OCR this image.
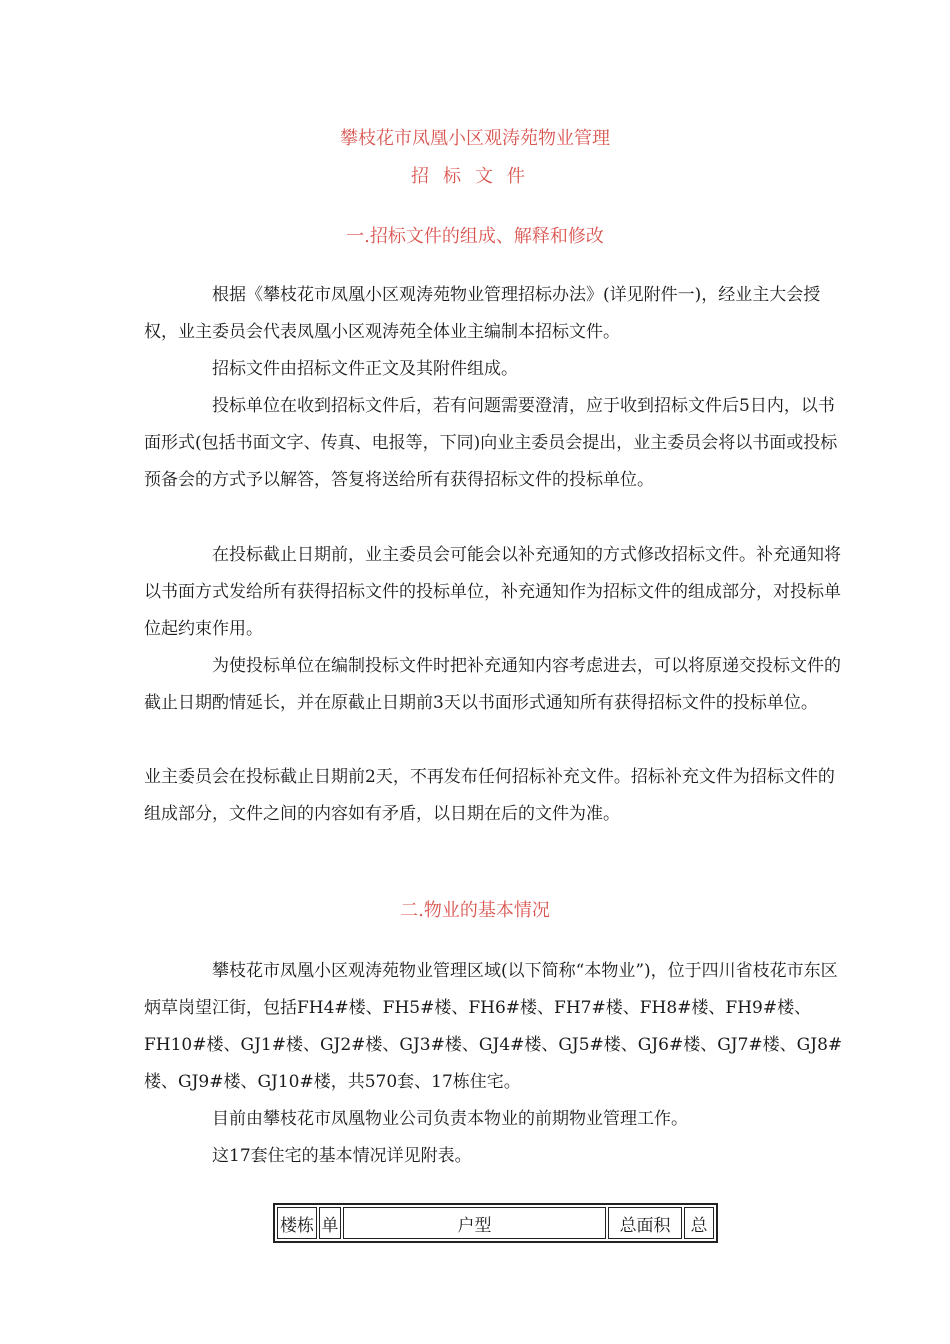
攀枝花市凤凰小区观涛苑物业管理
招标文件
一.招标文件的组成、解释和修改
根据《攀枝花市凤凰小区观涛苑物业管理招标办法》(详见附件一)，经业主大会授权，业主委员会代表凤凰小区观涛苑全体业主编制本招标文件。
招标文件由招标文件正文及其附件组成。
投标单位在收到招标文件后，若有问题需要澄清，应于收到招标文件后5日内，以书面形式(包括书面文字、传真、电报等，下同)向业主委员会提出，业主委员会将以书面或投标预备会的方式予以解答，答复将送给所有获得招标文件的投标单位。
在投标截止日期前，业主委员会可能会以补充通知的方式修改招标文件。补充通知将以书面方式发给所有获得招标文件的投标单位，补充通知作为招标文件的组成部分，对投标单位起约束作用。
为使投标单位在编制投标文件时把补充通知内容考虑进去，可以将原递交投标文件的截止日期酌情延长，并在原截止日期前3天以书面形式通知所有获得招标文件的投标单位。
业主委员会在投标截止日期前2天，不再发布任何招标补充文件。招标补充文件为招标文件的组成部分，文件之间的内容如有矛盾，以日期在后的文件为准。
二.物业的基本情况
攀枝花市凤凰小区观涛苑物业管理区域(以下简称“本物业”)，位于四川省枝花市东区炳草岗望江街，包括FH4#楼、FH5#楼、FH6#楼、FH7#楼、FH8#楼、FH9#楼、FH10#楼、GJ1#楼、GJ2#楼、GJ3#楼、GJ4#楼、GJ5#楼、GJ6#楼、GJ7#楼、GJ8#楼、GJ9#楼、GJ10#楼，共570套、17栋住宅。
目前由攀枝花市凤凰物业公司负责本物业的前期物业管理工作。
这17套住宅的基本情况详见附表。
楼栋	单	户型	总面积	总
